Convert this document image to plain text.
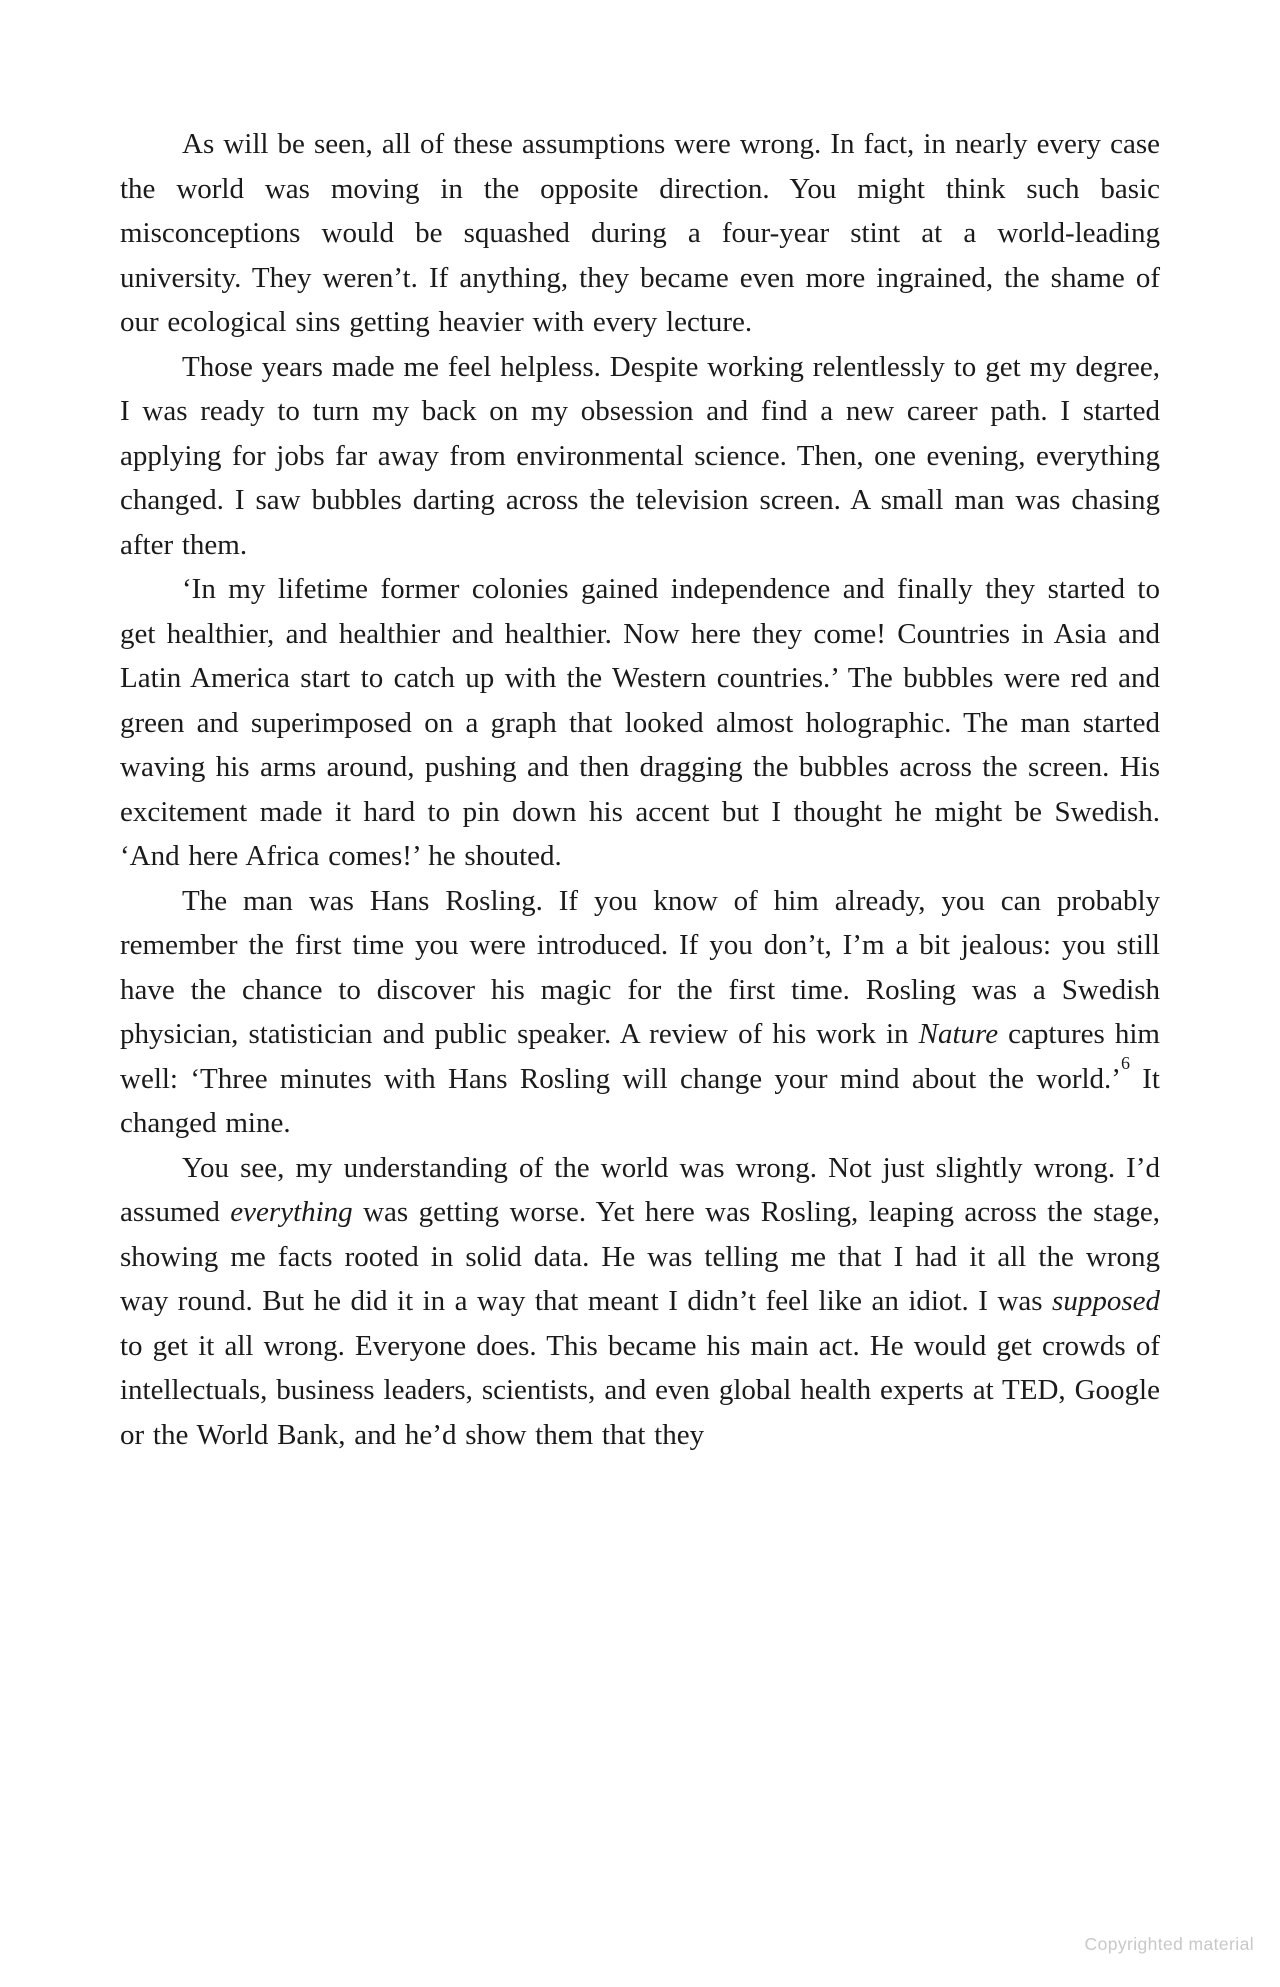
As will be seen, all of these assumptions were wrong. In fact, in nearly every case the world was moving in the opposite direction. You might think such basic misconceptions would be squashed during a four-year stint at a world-leading university. They weren’t. If anything, they became even more ingrained, the shame of our ecological sins getting heavier with every lecture.

Those years made me feel helpless. Despite working relentlessly to get my degree, I was ready to turn my back on my obsession and find a new career path. I started applying for jobs far away from environmental science. Then, one evening, everything changed. I saw bubbles darting across the television screen. A small man was chasing after them.

‘In my lifetime former colonies gained independence and finally they started to get healthier, and healthier and healthier. Now here they come! Countries in Asia and Latin America start to catch up with the Western countries.’ The bubbles were red and green and superimposed on a graph that looked almost holographic. The man started waving his arms around, pushing and then dragging the bubbles across the screen. His excitement made it hard to pin down his accent but I thought he might be Swedish. ‘And here Africa comes!’ he shouted.

The man was Hans Rosling. If you know of him already, you can probably remember the first time you were introduced. If you don’t, I’m a bit jealous: you still have the chance to discover his magic for the first time. Rosling was a Swedish physician, statistician and public speaker. A review of his work in Nature captures him well: ‘Three minutes with Hans Rosling will change your mind about the world.’$^6$ It changed mine.

You see, my understanding of the world was wrong. Not just slightly wrong. I’d assumed everything was getting worse. Yet here was Rosling, leaping across the stage, showing me facts rooted in solid data. He was telling me that I had it all the wrong way round. But he did it in a way that meant I didn’t feel like an idiot. I was supposed to get it all wrong. Everyone does. This became his main act. He would get crowds of intellectuals, business leaders, scientists, and even global health experts at TED, Google or the World Bank, and he’d show them that they

Copyrighted material
